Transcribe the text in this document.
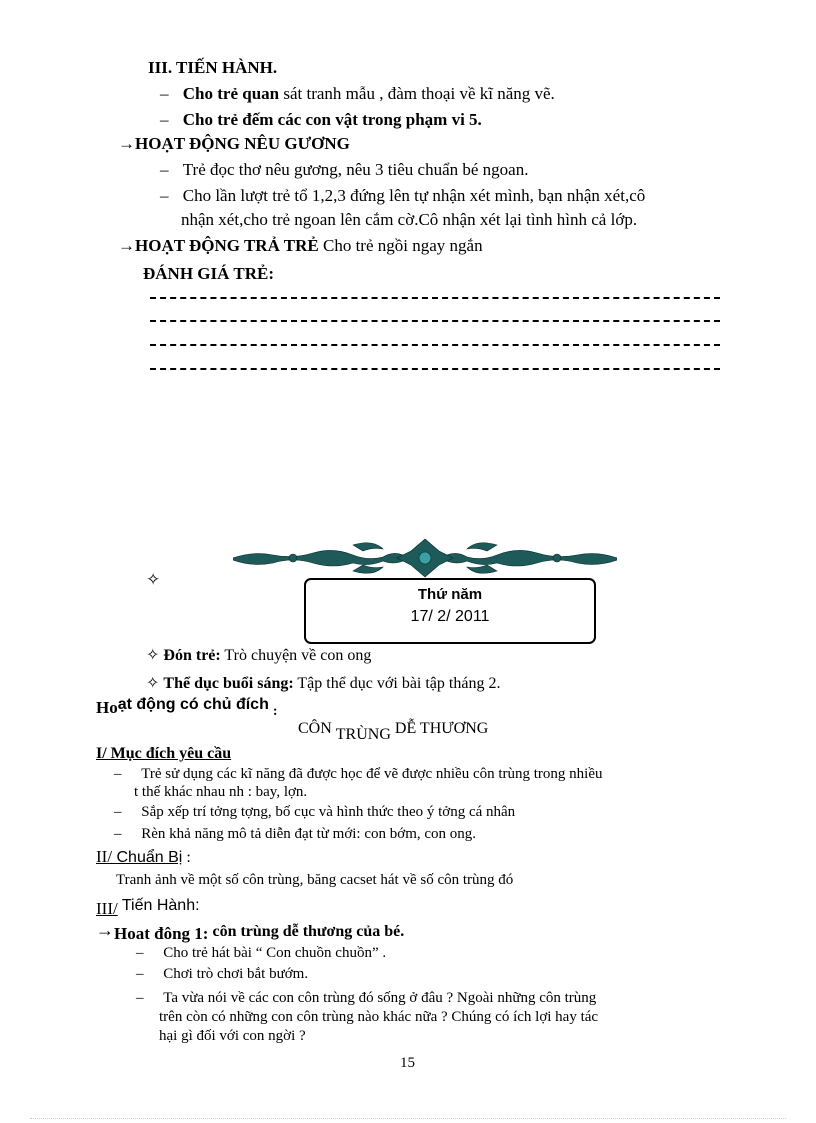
III. TIẾN HÀNH.
– Cho trẻ quan sát tranh mẫu , đàm thoại về kĩ năng vẽ.
– Cho trẻ đếm các con vật trong phạm vi 5.
→HOẠT ĐỘNG NÊU GƯƠNG
– Trẻ đọc thơ nêu gương, nêu 3 tiêu chuẩn bé ngoan.
– Cho lần lượt trẻ tổ 1,2,3 đứng lên tự nhận xét mình, bạn nhận xét,cô
nhận xét,cho trẻ ngoan lên cắm cờ.Cô nhận xét lại tình hình cả lớp.
→HOẠT ĐỘNG TRẢ TRẺ Cho trẻ ngồi ngay ngắn
ĐÁNH GIÁ TRẺ:
✧
Thứ năm
17/ 2/ 2011
✧ Đón trẻ: Trò chuyện về con ong
✧ Thể dục buổi sáng: Tập thể dục với bài tập tháng 2.
Hoạt động có chủ đích :
CÔN TRÙNG DỄ THƯƠNG
I/ Mục đích yêu cầu
– Trẻ sử dụng các kĩ năng đã được học để vẽ được nhiều côn trùng trong nhiều
t thế khác nhau nh : bay, lợn.
– Sắp xếp trí tởng tợng, bố cục và hình thức theo ý tởng cá nhân
– Rèn khả năng mô tả diễn đạt từ mới: con bớm, con ong.
II/ Chuẩn Bị :
Tranh ảnh về một số côn trùng, băng cacset hát về số côn trùng đó
III/ Tiến Hành:
→Hoat đông 1: côn trùng dễ thương của bé.
– Cho trẻ hát bài “ Con chuồn chuồn” .
– Chơi trò chơi bắt bướm.
– Ta vừa nói về các con côn trùng đó sống ở đâu ? Ngoài những côn trùng
trên còn có những con côn trùng nào khác nữa ? Chúng có ích lợi hay tác
hại gì đối với con ngời ?
15
